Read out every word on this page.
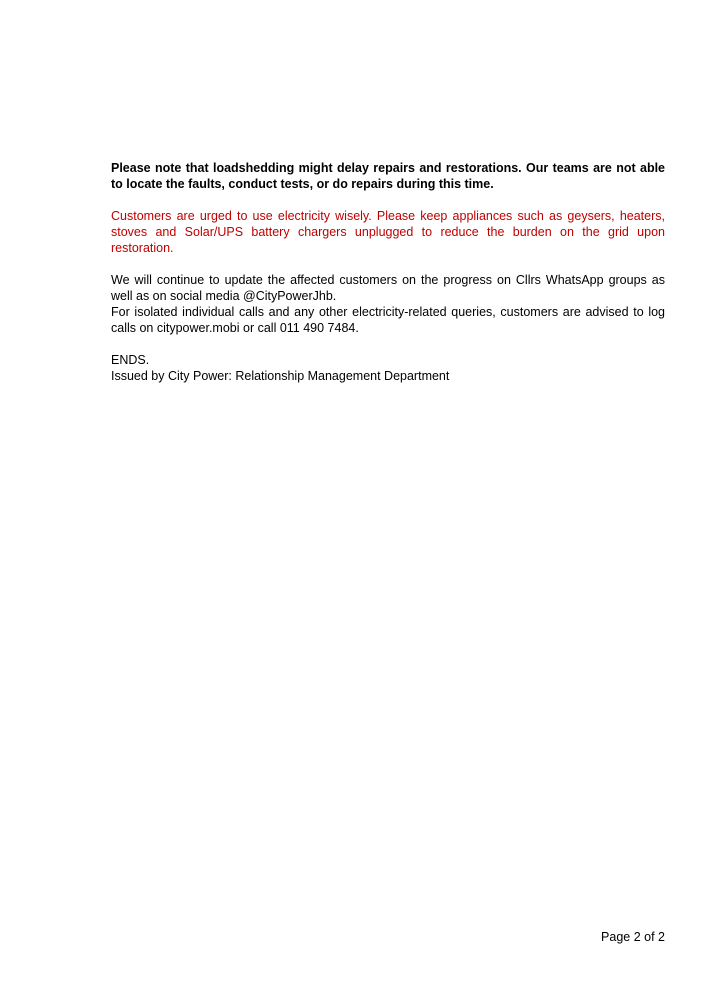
Please note that loadshedding might delay repairs and restorations. Our teams are not able to locate the faults, conduct tests, or do repairs during this time.

Customers are urged to use electricity wisely. Please keep appliances such as geysers, heaters, stoves and Solar/UPS battery chargers unplugged to reduce the burden on the grid upon restoration.

We will continue to update the affected customers on the progress on Cllrs WhatsApp groups as well as on social media @CityPowerJhb.

For isolated individual calls and any other electricity-related queries, customers are advised to log calls on citypower.mobi or call 011 490 7484.

ENDS.
Issued by City Power: Relationship Management Department
Page 2 of 2
